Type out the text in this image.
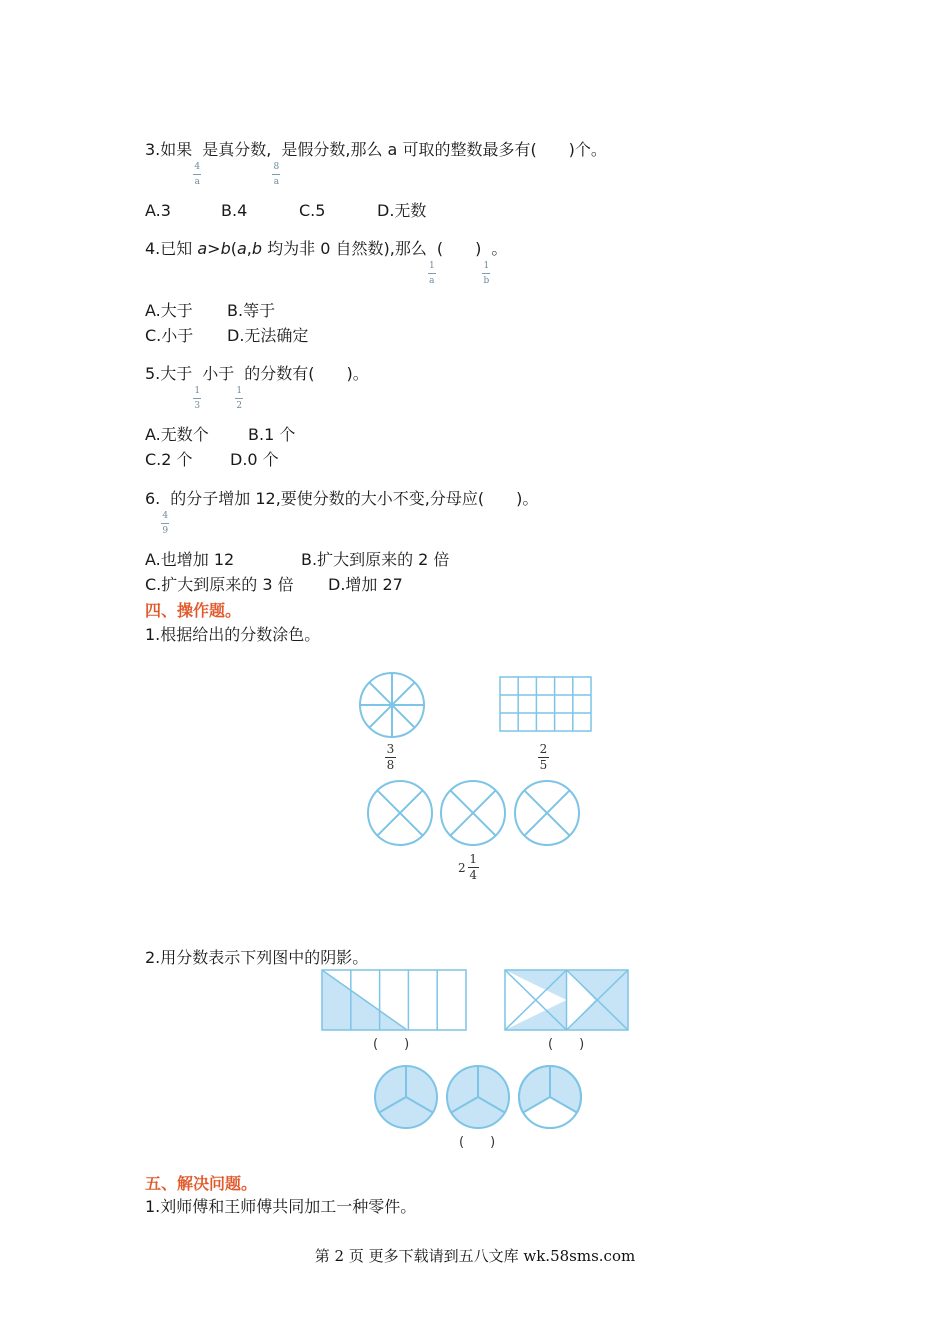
3.如果
$\frac{4}{a}$
是真分数,
$\frac{8}{a}$
是假分数,那么 a 可取的整数最多有(　　)个。
A.3	B.4	C.5	D.无数
4.已知 a>b(a,b 均为非 0 自然数),那么
$\frac{1}{a}$
(　　)
$\frac{1}{b}$
。
A.大于 B.等于
C.小于 D.无法确定
5.大于
$\frac{1}{3}$
小于
$\frac{1}{2}$
的分数有(　　)。
A.无数个 B.1 个
C.2 个 D.0 个
6.
$\frac{4}{9}$
的分子增加 12,要使分数的大小不变,分母应(　　)。
A.也增加 12	B.扩大到原来的 2 倍
C.扩大到原来的 3 倍 D.增加 27
四、操作题。
1.根据给出的分数涂色。
3
8
2
5
2
1
4
2.用分数表示下列图中的阴影。
(　　)	(　　)
(　　)
五、解决问题。
1.刘师傅和王师傅共同加工一种零件。
第 2 页 更多下载请到五八文库 wk.58sms.com
